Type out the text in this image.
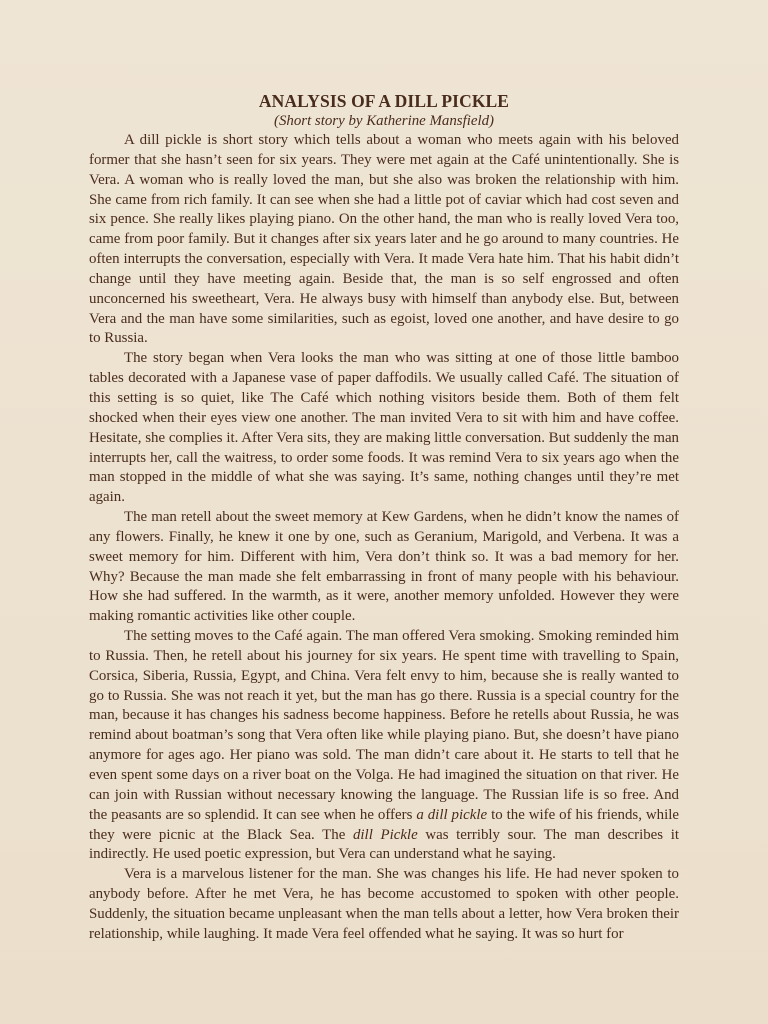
ANALYSIS OF A DILL PICKLE
(Short story by Katherine Mansfield)

A dill pickle is short story which tells about a woman who meets again with his beloved former that she hasn’t seen for six years. They were met again at the Café unintentionally. She is Vera. A woman who is really loved the man, but she also was broken the relationship with him. She came from rich family. It can see when she had a little pot of caviar which had cost seven and six pence. She really likes playing piano. On the other hand, the man who is really loved Vera too, came from poor family. But it changes after six years later and he go around to many countries. He often interrupts the conversation, especially with Vera. It made Vera hate him. That his habit didn’t change until they have meeting again. Beside that, the man is so self engrossed and often unconcerned his sweetheart, Vera. He always busy with himself than anybody else. But, between Vera and the man have some similarities, such as egoist, loved one another, and have desire to go to Russia.

The story began when Vera looks the man who was sitting at one of those little bamboo tables decorated with a Japanese vase of paper daffodils. We usually called Café. The situation of this setting is so quiet, like The Café which nothing visitors beside them. Both of them felt shocked when their eyes view one another. The man invited Vera to sit with him and have coffee. Hesitate, she complies it. After Vera sits, they are making little conversation. But suddenly the man interrupts her, call the waitress, to order some foods. It was remind Vera to six years ago when the man stopped in the middle of what she was saying. It’s same, nothing changes until they’re met again.

The man retell about the sweet memory at Kew Gardens, when he didn’t know the names of any flowers. Finally, he knew it one by one, such as Geranium, Marigold, and Verbena. It was a sweet memory for him. Different with him, Vera don’t think so. It was a bad memory for her. Why? Because the man made she felt embarrassing in front of many people with his behaviour. How she had suffered. In the warmth, as it were, another memory unfolded. However they were making romantic activities like other couple.

The setting moves to the Café again. The man offered Vera smoking. Smoking reminded him to Russia. Then, he retell about his journey for six years. He spent time with travelling to Spain, Corsica, Siberia, Russia, Egypt, and China. Vera felt envy to him, because she is really wanted to go to Russia. She was not reach it yet, but the man has go there. Russia is a special country for the man, because it has changes his sadness become happiness. Before he retells about Russia, he was remind about boatman’s song that Vera often like while playing piano. But, she doesn’t have piano anymore for ages ago. Her piano was sold. The man didn’t care about it. He starts to tell that he even spent some days on a river boat on the Volga. He had imagined the situation on that river. He can join with Russian without necessary knowing the language. The Russian life is so free. And the peasants are so splendid. It can see when he offers a dill pickle to the wife of his friends, while they were picnic at the Black Sea. The dill Pickle was terribly sour. The man describes it indirectly. He used poetic expression, but Vera can understand what he saying.

Vera is a marvelous listener for the man. She was changes his life. He had never spoken to anybody before. After he met Vera, he has become accustomed to spoken with other people. Suddenly, the situation became unpleasant when the man tells about a letter, how Vera broken their relationship, while laughing. It made Vera feel offended what he saying. It was so hurt for
